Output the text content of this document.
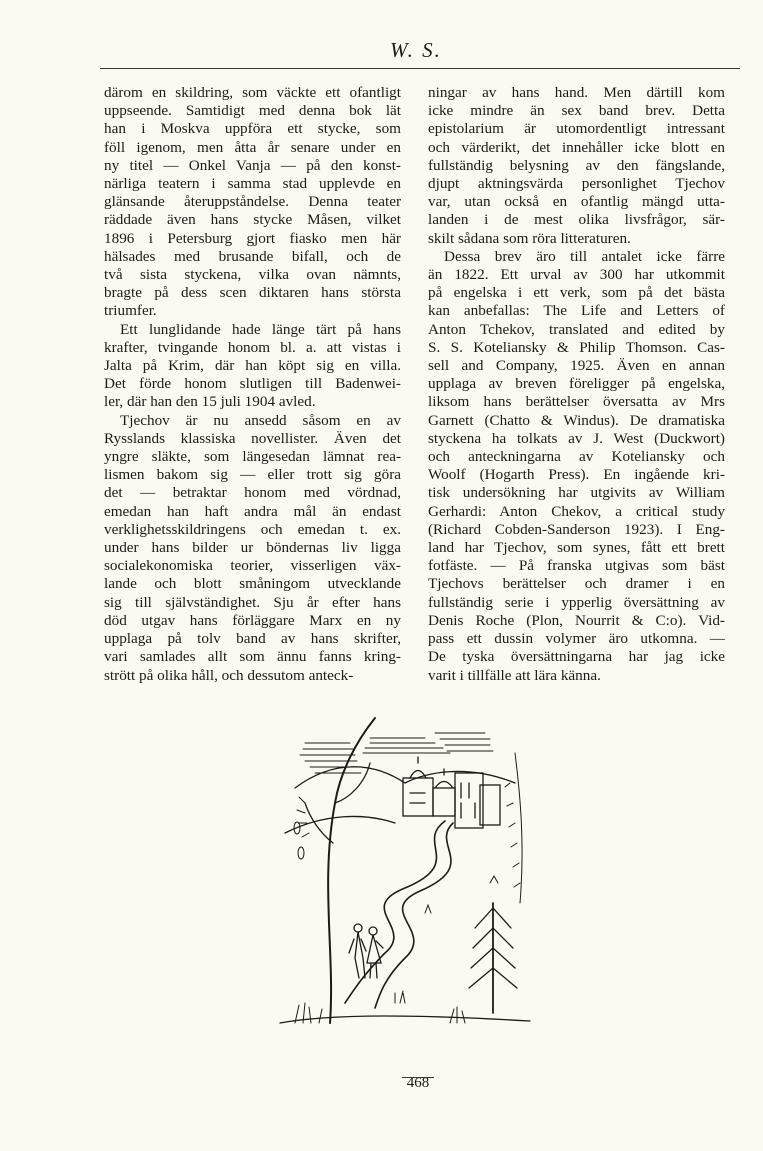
W. S.
därom en skildring, som väckte ett ofantligt
uppseende. Samtidigt med denna bok lät
han i Moskva uppföra ett stycke, som
föll igenom, men åtta år senare under en
ny titel — Onkel Vanja — på den konst-
närliga teatern i samma stad upplevde en
glänsande återuppståndelse. Denna teater
räddade även hans stycke Måsen, vilket
1896 i Petersburg gjort fiasko men här
hälsades med brusande bifall, och de
två sista styckena, vilka ovan nämnts,
bragte på dess scen diktaren hans största
triumfer.
Ett lunglidande hade länge tärt på hans
krafter, tvingande honom bl. a. att vistas i
Jalta på Krim, där han köpt sig en villa.
Det förde honom slutligen till Badenwei-
ler, där han den 15 juli 1904 avled.
Tjechov är nu ansedd såsom en av
Rysslands klassiska novellister. Även det
yngre släkte, som längesedan lämnat rea-
lismen bakom sig — eller trott sig göra
det — betraktar honom med vördnad,
emedan han haft andra mål än endast
verklighetsskildringens och emedan t. ex.
under hans bilder ur böndernas liv ligga
socialekonomiska teorier, visserligen väx-
lande och blott småningom utvecklande
sig till självständighet. Sju år efter hans
död utgav hans förläggare Marx en ny
upplaga på tolv band av hans skrifter,
vari samlades allt som ännu fanns kring-
strött på olika håll, och dessutom anteck-
ningar av hans hand. Men därtill kom
icke mindre än sex band brev. Detta
epistolarium är utomordentligt intressant
och värderikt, det innehåller icke blott en
fullständig belysning av den fängslande,
djupt aktningsvärda personlighet Tjechov
var, utan också en ofantlig mängd utta-
landen i de mest olika livsfrågor, sär-
skilt sådana som röra litteraturen.
Dessa brev äro till antalet icke färre
än 1822. Ett urval av 300 har utkommit
på engelska i ett verk, som på det bästa
kan anbefallas: The Life and Letters of
Anton Tchekov, translated and edited by
S. S. Koteliansky & Philip Thomson. Cas-
sell and Company, 1925. Även en annan
upplaga av breven föreligger på engelska,
liksom hans berättelser översatta av Mrs
Garnett (Chatto & Windus). De dramatiska
styckena ha tolkats av J. West (Duckwort)
och anteckningarna av Koteliansky och
Woolf (Hogarth Press). En ingående kri-
tisk undersökning har utgivits av William
Gerhardi: Anton Chekov, a critical study
(Richard Cobden-Sanderson 1923). I Eng-
land har Tjechov, som synes, fått ett brett
fotfäste. — På franska utgivas som bäst
Tjechovs berättelser och dramer i en
fullständig serie i ypperlig översättning av
Denis Roche (Plon, Nourrit & C:o). Vid-
pass ett dussin volymer äro utkomna. —
De tyska översättningarna har jag icke
varit i tillfälle att lära känna.
468
